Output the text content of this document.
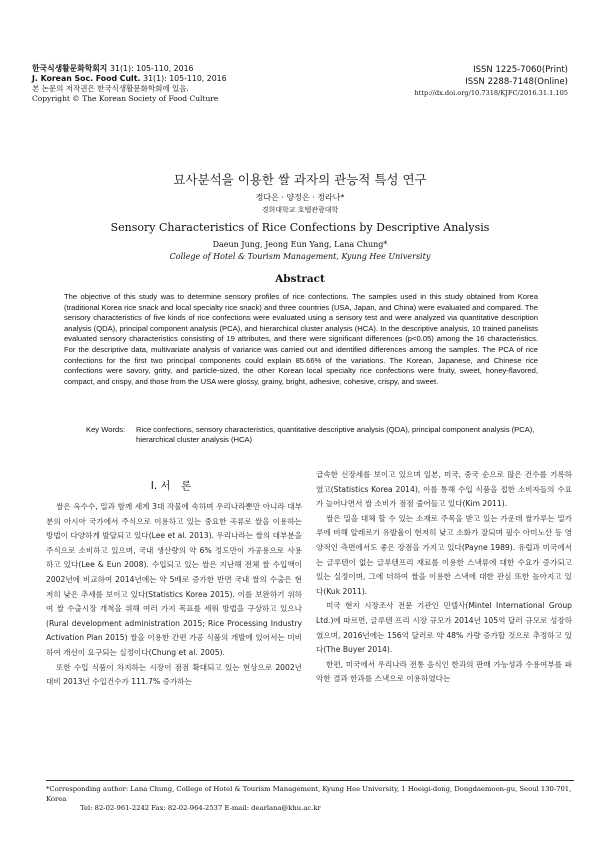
한국식생활문화학회지 31(1): 105-110, 2016
J. Korean Soc. Food Cult. 31(1): 105-110, 2016
본 논문의 저작권은 한국식생활문화학회에 있음.
Copyright © The Korean Society of Food Culture
ISSN 1225-7060(Print)
ISSN 2288-7148(Online)
http://dx.doi.org/10.7318/KJFC/2016.31.1.105
묘사분석을 이용한 쌀 과자의 관능적 특성 연구
정다은 · 양정은 · 정라나*
경희대학교 호텔관광대학
Sensory Characteristics of Rice Confections by Descriptive Analysis
Daeun Jung, Jeong Eun Yang, Lana Chung*
College of Hotel & Tourism Management, Kyung Hee University
Abstract
The objective of this study was to determine sensory profiles of rice confections. The samples used in this study obtained from Korea (traditional Korea rice snack and local specialty rice snack) and three countries (USA, Japan, and China) were evaluated and compared. The sensory characteristics of five kinds of rice confections were evaluated using a sensory test and were analyzed via quantitative description analysis (QDA), principal component analysis (PCA), and hierarchical cluster analysis (HCA). In the descriptive analysis, 10 trained panelists evaluated sensory characteristics consisting of 19 attributes, and there were significant differences (p<0.05) among the 16 characteristics. For the descriptive data, multivariate analysis of variance was carried out and identified differences among the samples. The PCA of rice confections for the first two principal components could explain 85.66% of the variations. The Korean, Japanese, and Chinese rice confections were savory, gritty, and particle-sized, the other Korean local specialty rice confections were fruity, sweet, honey-flavored, compact, and crispy, and those from the USA were glossy, grainy, bright, adhesive, cohesive, crispy, and sweet.
Key Words: Rice confections, sensory characteristics, quantitative descriptive analysis (QDA), principal component analysis (PCA), hierarchical cluster analysis (HCA)
Ⅰ. 서　론

쌀은 옥수수, 밀과 함께 세계 3대 작물에 속하며 우리나라뿐만 아니라 대부분의 아시아 국가에서 주식으로 이용하고 있는 중요한 곡류로 쌀을 이용하는 방법이 다양하게 발달되고 있다(Lee et al. 2013). 우리나라는 쌀의 대부분을 주식으로 소비하고 있으며, 국내 생산량의 약 6% 정도만이 가공용으로 사용하고 있다(Lee & Eun 2008). 수입되고 있는 쌀은 지난해 전체 쌀 수입액이 2002년에 비교하여 2014년에는 약 5배로 증가한 반면 국내 쌀의 수출은 현저히 낮은 추세를 보이고 있다(Statistics Korea 2015). 이를 보완하기 위하여 쌀 수출시장 개척을 위해 여러 가지 목표를 세워 방법을 구상하고 있으나(Rural development administration 2015; Rice Processing Industry Activation Plan 2015) 쌀을 이용한 간편 가공 식품의 개발에 있어서는 미비하여 개선이 요구되는 실정이다(Chung et al. 2005).

또한 수입 식품이 차지하는 시장이 점점 확대되고 있는 현상으로 2002년 대비 2013년 수입건수가 111.7% 증가하는

급속한 신장세를 보이고 있으며 일본, 미국, 중국 순으로 많은 건수를 기록하였고(Statistics Korea 2014), 이를 통해 수입 식품을 접한 소비자들의 수요가 늘어나면서 쌀 소비가 점점 줄어들고 있다(Kim 2011).

쌀은 밀을 대체 할 수 있는 소재로 주목을 받고 있는 가운데 쌀가루는 밀가루에 비해 알레르기 유발율이 현저히 낮고 소화가 잘되며 필수 아미노산 등 영양적인 측면에서도 좋은 장점을 가지고 있다(Payne 1989). 유럽과 미국에서는 글루텐이 없는 글루텐프리 재료를 이용한 스낵류에 대한 수요가 증가되고 있는 실정이며, 그에 더하여 쌀을 이용한 스낵에 대한 관심 또한 높아지고 있다(Kuk 2011).

미국 현지 시장조사 전문 기관인 민텔사(Mintel International Group Ltd.)에 따르면, 글루텐 프리 시장 규모가 2014년 105억 달러 규모로 성장하였으며, 2016년에는 156억 달러로 약 48% 가량 증가할 것으로 추정하고 있다(The Buyer 2014).

한편, 미국에서 우리나라 전통 음식인 한과의 판매 가능성과 수용여부를 파악한 결과 한과를 스낵으로 이용하였다는

*Corresponding author: Lana Chung, College of Hotel & Tourism Management, Kyung Hee University, 1 Hoeigi-dong, Dongdaemoon-gu, Seoul 130-701, Korea
Tel: 82-02-961-2242 Fax: 82-02-964-2537 E-mail: dearlana@khu.ac.kr
